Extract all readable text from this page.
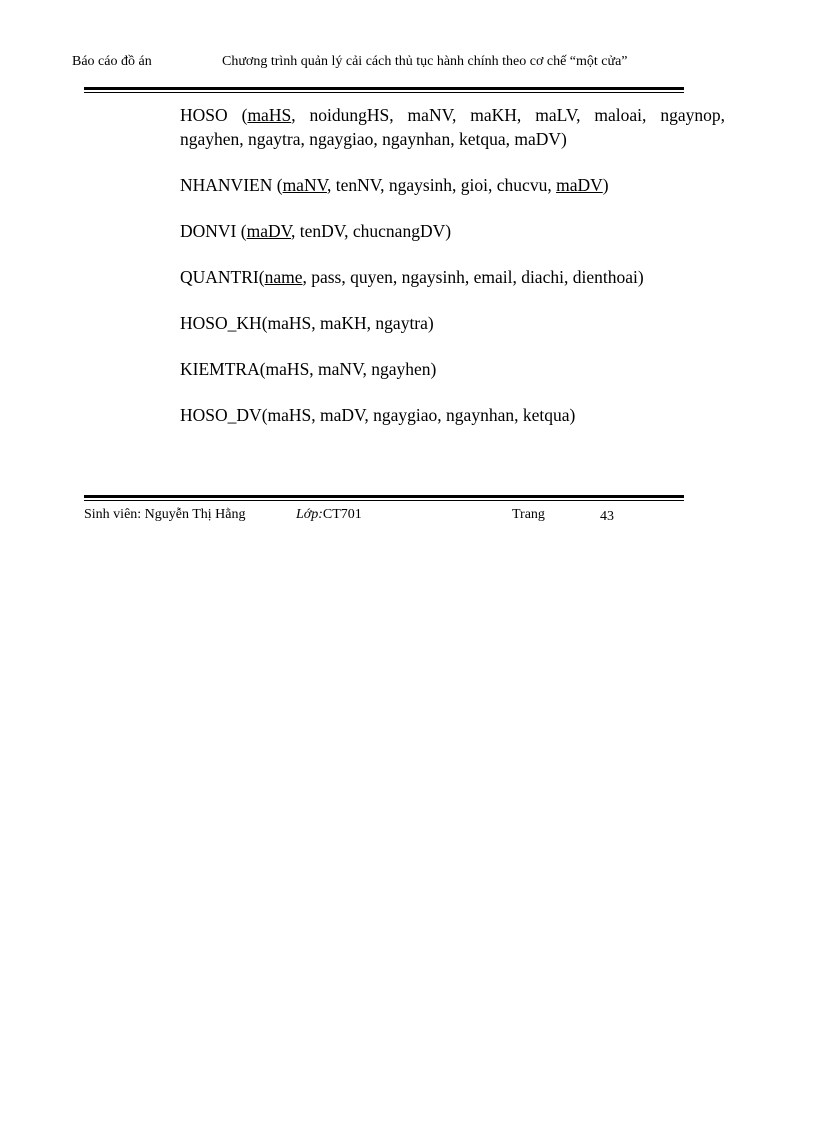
Báo cáo đồ án	Chương trình quản lý cải cách thủ tục hành chính theo cơ chế “một cửa”

HOSO (maHS, noidungHS, maNV, maKH, maLV, maloai, ngaynop, ngayhen, ngaytra, ngaygiao, ngaynhan, ketqua, maDV)

NHANVIEN (maNV, tenNV, ngaysinh, gioi, chucvu, maDV)

DONVI (maDV, tenDV, chucnangDV)

QUANTRI(name, pass, quyen, ngaysinh, email, diachi, dienthoai)

HOSO_KH(maHS, maKH, ngaytra)

KIEMTRA(maHS, maNV, ngayhen)

HOSO_DV(maHS, maDV, ngaygiao, ngaynhan, ketqua)

Sinh viên: Nguyễn Thị Hằng	Lớp:CT701	Trang	43
